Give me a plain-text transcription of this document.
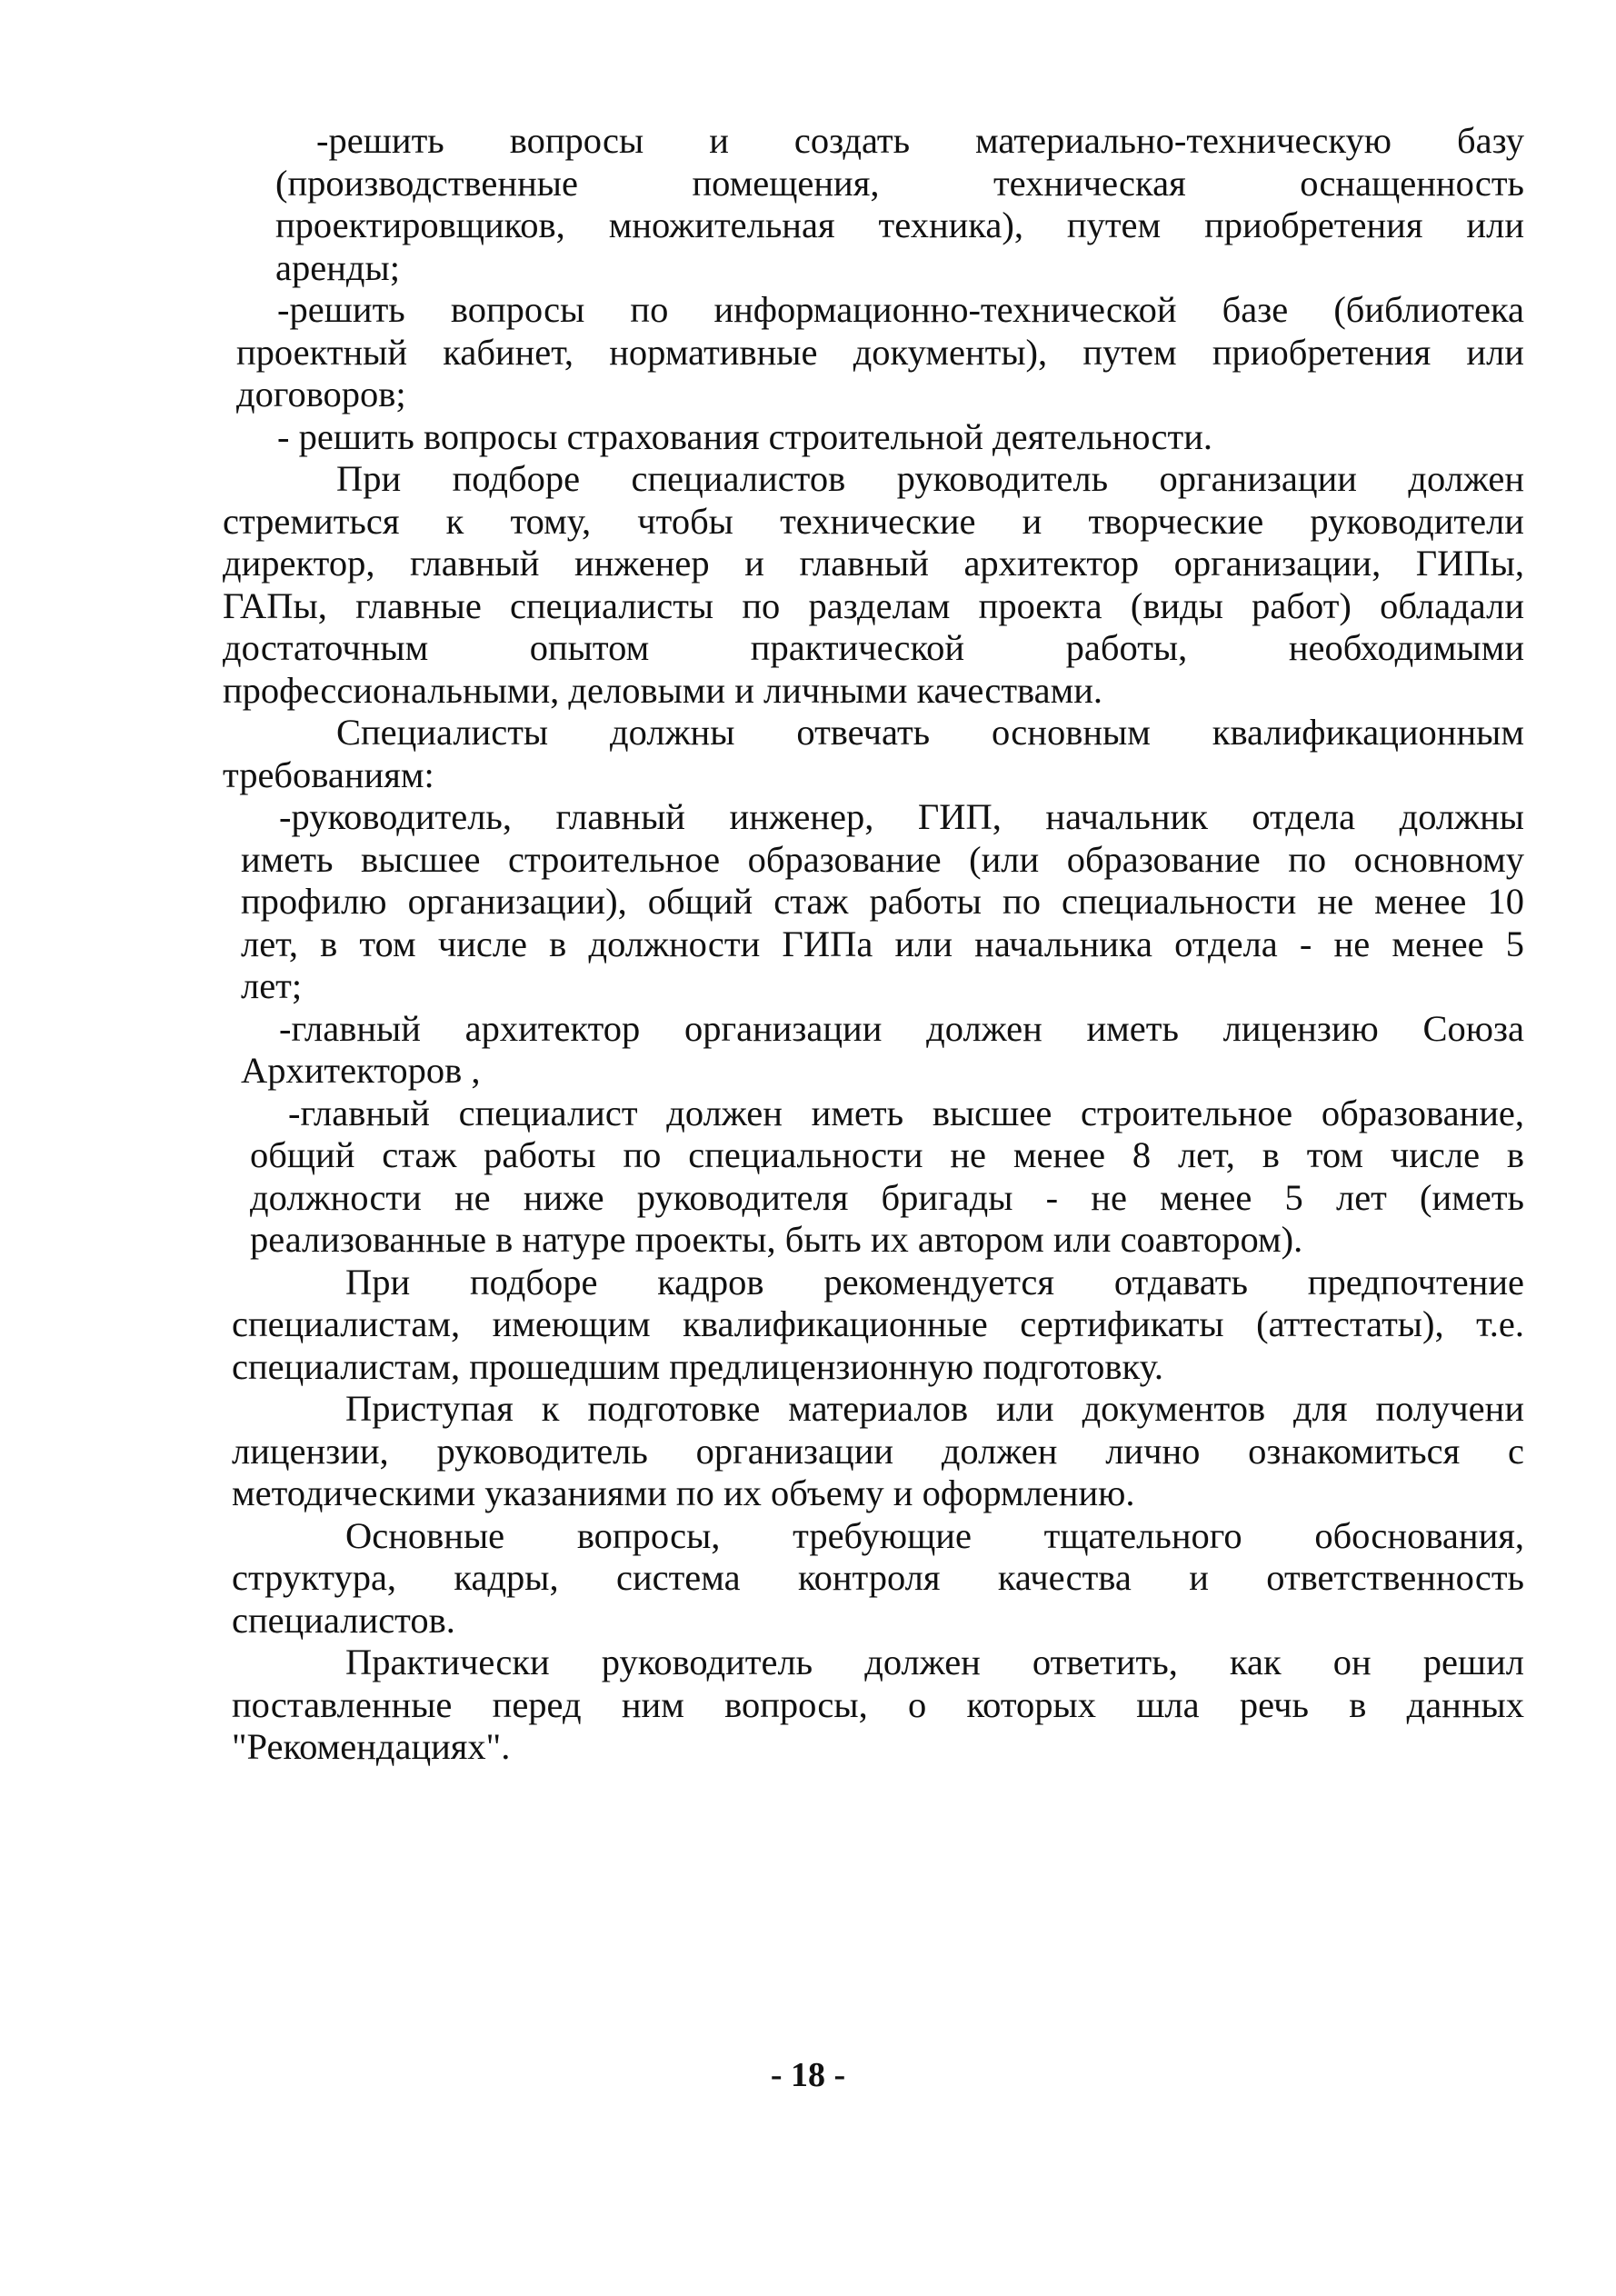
-решить вопросы и создать материально-техническую базу
(производственные помещения, техническая оснащенность
проектировщиков, множительная техника), путем приобретения или
аренды;

-решить вопросы по информационно-технической базе (библиотека
проектный кабинет, нормативные документы), путем приобретения или
договоров;

- решить вопросы страхования строительной деятельности.

При подборе специалистов руководитель организации должен
стремиться к тому, чтобы технические и творческие руководители
директор, главный инженер и главный архитектор организации, ГИПы,
ГАПы, главные специалисты по разделам проекта (виды работ) обладали
достаточным опытом практической работы, необходимыми
профессиональными, деловыми и личными качествами.

Специалисты должны отвечать основным квалификационным
требованиям:

-руководитель, главный инженер, ГИП, начальник отдела должны
иметь высшее строительное образование (или образование по основному
профилю организации), общий стаж работы по специальности не менее 10
лет, в том числе в должности ГИПа или начальника отдела - не менее 5
лет;

-главный архитектор организации должен иметь лицензию Союза
Архитекторов ,

-главный специалист должен иметь высшее строительное образование,
общий стаж работы по специальности не менее 8 лет, в том числе в
должности не ниже руководителя бригады - не менее 5 лет (иметь
реализованные в натуре проекты, быть их автором или соавтором).

При подборе кадров рекомендуется отдавать предпочтение
специалистам, имеющим квалификационные сертификаты (аттестаты), т.е.
специалистам, прошедшим предлицензионную подготовку.

Приступая к подготовке материалов или документов для получени
лицензии, руководитель организации должен лично ознакомиться с
методическими указаниями по их объему и оформлению.

Основные вопросы, требующие тщательного обоснования,
структура, кадры, система контроля качества и ответственность
специалистов.

Практически руководитель должен ответить, как он решил
поставленные перед ним вопросы, о которых шла речь в данных
"Рекомендациях".

- 18 -
